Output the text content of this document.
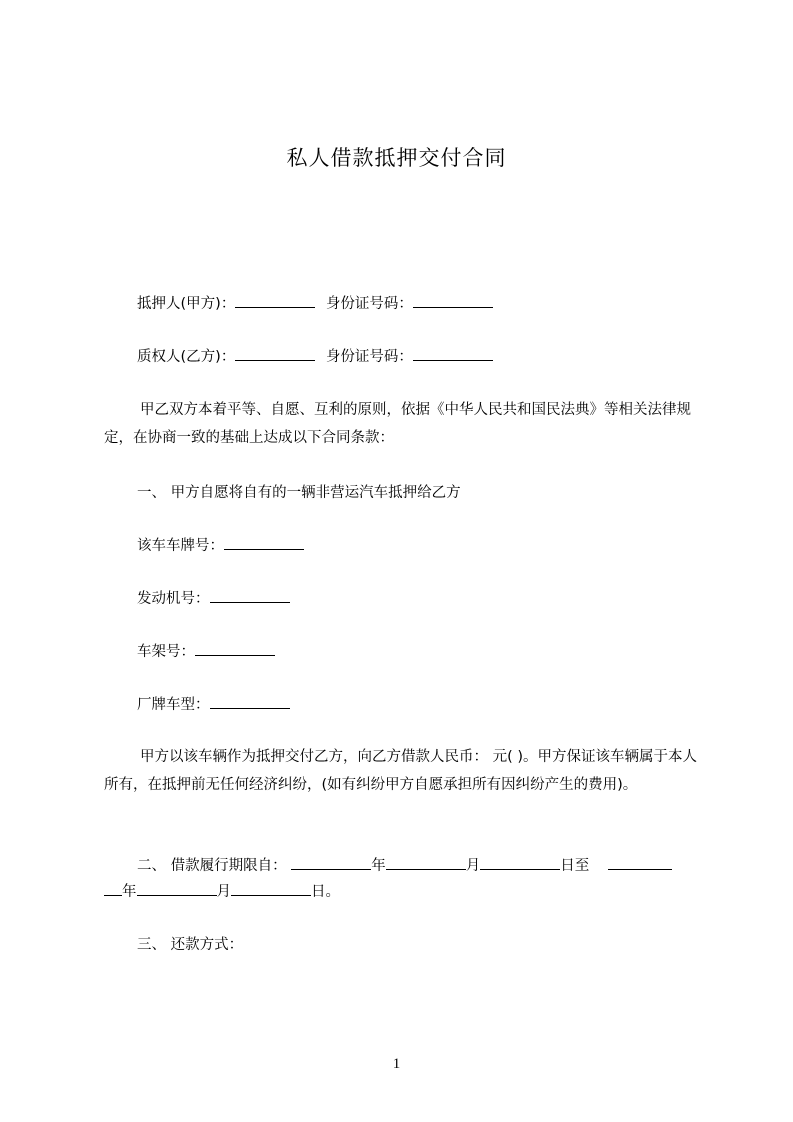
私人借款抵押交付合同
抵押人(甲方)：	身份证号码：
质权人(乙方)：	身份证号码：
甲乙双方本着平等、自愿、互利的原则，依据《中华人民共和国民法典》等相关法律规定，在协商一致的基础上达成以下合同条款：
一、 甲方自愿将自有的一辆非营运汽车抵押给乙方
该车车牌号：
发动机号：
车架号：
厂牌车型：
甲方以该车辆作为抵押交付乙方，向乙方借款人民币： 元( )。甲方保证该车辆属于本人所有，在抵押前无任何经济纠纷，(如有纠纷甲方自愿承担所有因纠纷产生的费用)。
二、 借款履行期限自：	年	月	日至
年	月	日。
三、 还款方式：
1
